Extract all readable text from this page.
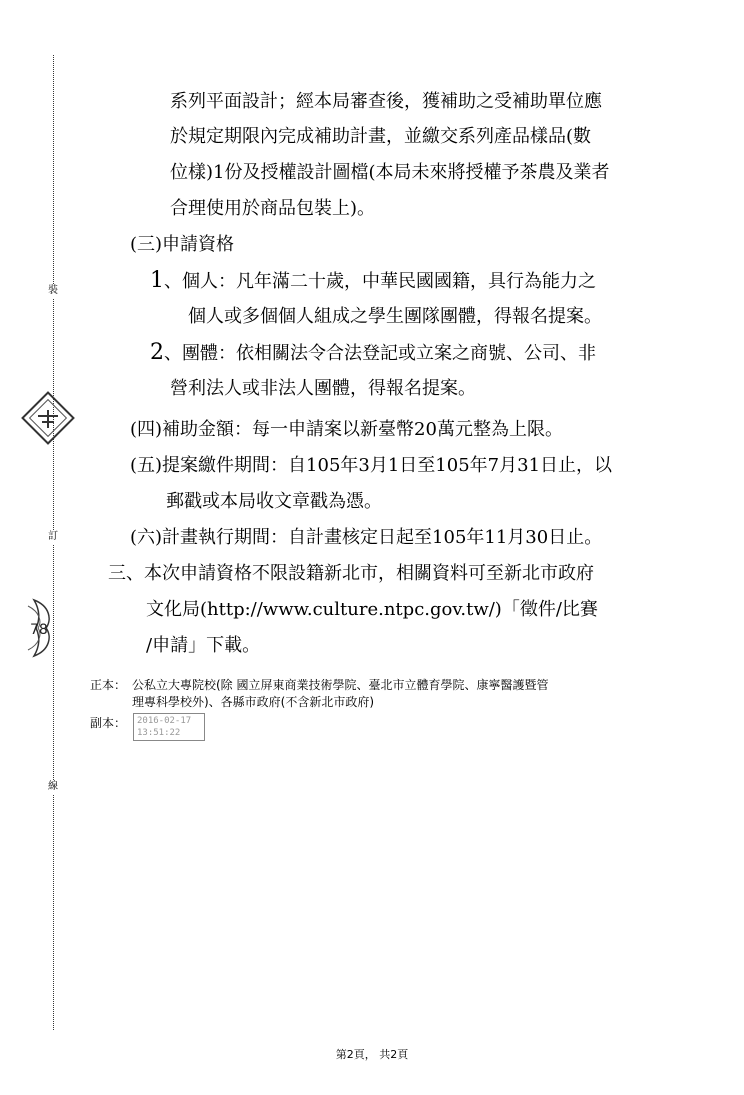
裝
訂
線
78
系列平面設計；經本局審查後，獲補助之受補助單位應
於規定期限內完成補助計畫，並繳交系列產品樣品(數
位樣)1份及授權設計圖檔(本局未來將授權予茶農及業者
合理使用於商品包裝上)。
(三)申請資格
1、個人：凡年滿二十歲，中華民國國籍，具行為能力之
個人或多個個人組成之學生團隊團體，得報名提案。
2、團體：依相關法令合法登記或立案之商號、公司、非
營利法人或非法人團體，得報名提案。
(四)補助金額：每一申請案以新臺幣20萬元整為上限。
(五)提案繳件期間：自105年3月1日至105年7月31日止，以
郵戳或本局收文章戳為憑。
(六)計畫執行期間：自計畫核定日起至105年11月30日止。
三、本次申請資格不限設籍新北市，相關資料可至新北市政府
文化局(http://www.culture.ntpc.gov.tw/)「徵件/比賽
/申請」下載。
正本： 公私立大專院校(除 國立屏東商業技術學院、臺北市立體育學院、康寧醫護暨管
理專科學校外)、各縣市政府(不含新北市政府)
副本： 2016-02-17
13:51:22
第2頁， 共2頁
